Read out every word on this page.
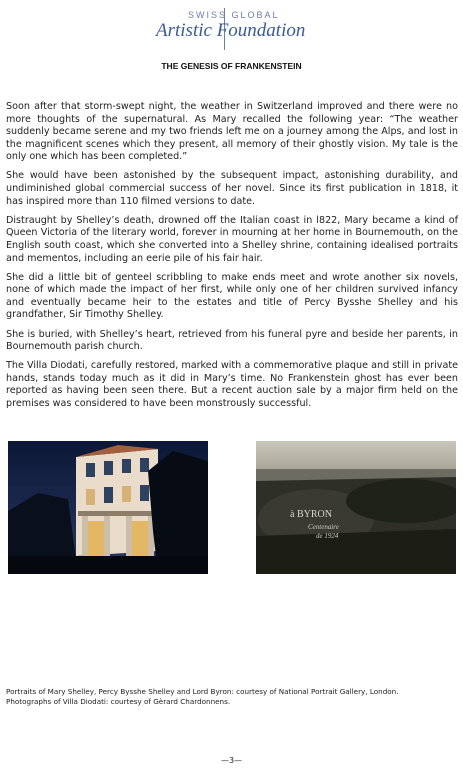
SWISS GLOBAL
Artistic Foundation
THE GENESIS OF FRANKENSTEIN

Soon after that storm-swept night, the weather in Switzerland improved and there were no more thoughts of the supernatural. As Mary recalled the following year: “The weather suddenly became serene and my two friends left me on a journey among the Alps, and lost in the magnificent scenes which they present, all memory of their ghostly vision. My tale is the only one which has been completed.”

She would have been astonished by the subsequent impact, astonishing durability, and undiminished global commercial success of her novel. Since its first publication in 1818, it has inspired more than 110 filmed versions to date.

Distraught by Shelley’s death, drowned off the Italian coast in l822, Mary became a kind of Queen Victoria of the literary world, forever in mourning at her home in Bournemouth, on the English south coast, which she converted into a Shelley shrine, containing idealised portraits and mementos, including an eerie pile of his fair hair.

She did a little bit of genteel scribbling to make ends meet and wrote another six novels, none of which made the impact of her first, while only one of her children survived infancy and eventually became heir to the estates and title of Percy Bysshe Shelley and his grandfather, Sir Timothy Shelley.

She is buried, with Shelley’s heart, retrieved from his funeral pyre and beside her parents, in Bournemouth parish church.

The Villa Diodati, carefully restored, marked with a commemorative plaque and still in private hands, stands today much as it did in Mary’s time. No Frankenstein ghost has ever been reported as having been seen there. But a recent auction sale by a major firm held on the premises was considered to have been monstrously successful.

à BYRON
Centenaire
de 1924
Portraits of Mary Shelley, Percy Bysshe Shelley and Lord Byron: courtesy of National Portrait Gallery, London.
Photographs of Villa Diodati: courtesy of Gèrard Chardonnens.
—3—
